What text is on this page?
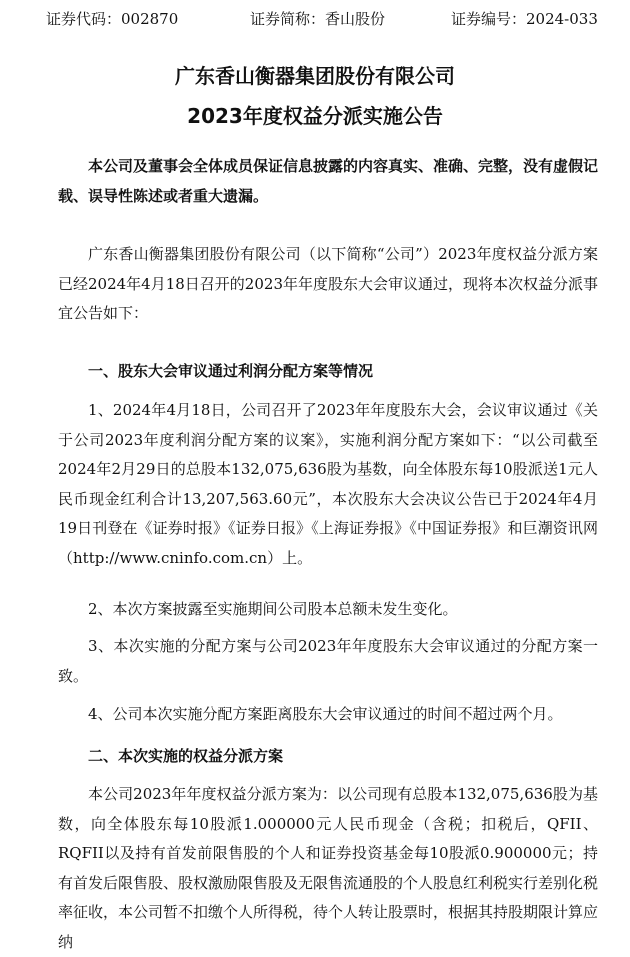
证券代码：002870	证券简称：香山股份	证券编号：2024-033
广东香山衡器集团股份有限公司
2023年度权益分派实施公告

本公司及董事会全体成员保证信息披露的内容真实、准确、完整，没有虚假记载、误导性陈述或者重大遗漏。

广东香山衡器集团股份有限公司（以下简称“公司”）2023年度权益分派方案已经2024年4月18日召开的2023年年度股东大会审议通过，现将本次权益分派事宜公告如下：

一、股东大会审议通过利润分配方案等情况

1、2024年4月18日，公司召开了2023年年度股东大会，会议审议通过《关于公司2023年度利润分配方案的议案》，实施利润分配方案如下：“以公司截至2024年2月29日的总股本132,075,636股为基数，向全体股东每10股派送1元人民币现金红利合计13,207,563.60元”，本次股东大会决议公告已于2024年4月19日刊登在《证券时报》《证券日报》《上海证券报》《中国证券报》和巨潮资讯网（http://www.cninfo.com.cn）上。

2、本次方案披露至实施期间公司股本总额未发生变化。

3、本次实施的分配方案与公司2023年年度股东大会审议通过的分配方案一致。

4、公司本次实施分配方案距离股东大会审议通过的时间不超过两个月。

二、本次实施的权益分派方案

本公司2023年年度权益分派方案为：以公司现有总股本132,075,636股为基数，向全体股东每10股派1.000000元人民币现金（含税；扣税后，QFII、RQFII以及持有首发前限售股的个人和证券投资基金每10股派0.900000元；持有首发后限售股、股权激励限售股及无限售流通股的个人股息红利税实行差别化税率征收，本公司暂不扣缴个人所得税，待个人转让股票时，根据其持股期限计算应纳
